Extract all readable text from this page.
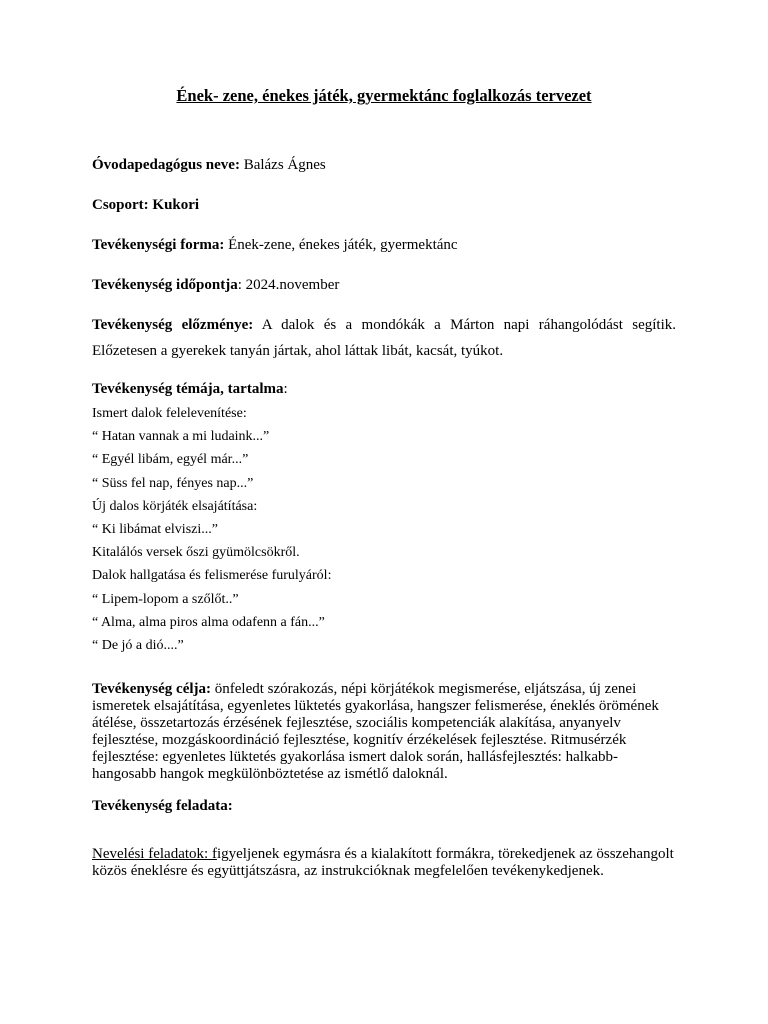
Ének- zene, énekes játék, gyermektánc foglalkozás tervezet

Óvodapedagógus neve: Balázs Ágnes

Csoport: Kukori

Tevékenységi forma: Ének-zene, énekes játék, gyermektánc

Tevékenység időpontja: 2024.november

Tevékenység előzménye: A dalok és a mondókák a Márton napi ráhangolódást segítik. Előzetesen a gyerekek tanyán jártak, ahol láttak libát, kacsát, tyúkot.

Tevékenység témája, tartalma:

Ismert dalok felelevenítése:
“ Hatan vannak a mi ludaink...”
“ Egyél libám, egyél már...”
“ Süss fel nap, fényes nap...”
Új dalos körjáték elsajátítása:
“ Ki libámat elviszi...”
Kitalálós versek őszi gyümölcsökről.
Dalok hallgatása és felismerése furulyáról:
“ Lipem-lopom a szőlőt..”
“ Alma, alma piros alma odafenn a fán...”
“ De jó a dió....”

Tevékenység célja: önfeledt szórakozás, népi körjátékok megismerése, eljátszása, új zenei ismeretek elsajátítása, egyenletes lüktetés gyakorlása, hangszer felismerése, éneklés örömének átélése, összetartozás érzésének fejlesztése, szociális kompetenciák alakítása, anyanyelv fejlesztése, mozgáskoordináció fejlesztése, kognitív érzékelések fejlesztése. Ritmusérzék fejlesztése: egyenletes lüktetés gyakorlása ismert dalok során, hallásfejlesztés: halkabb-hangosabb hangok megkülönböztetése az ismétlő daloknál.

Tevékenység feladata:

Nevelési feladatok: figyeljenek egymásra és a kialakított formákra, törekedjenek az összehangolt közös éneklésre és együttjátszásra, az instrukcióknak megfelelően tevékenykedjenek.
